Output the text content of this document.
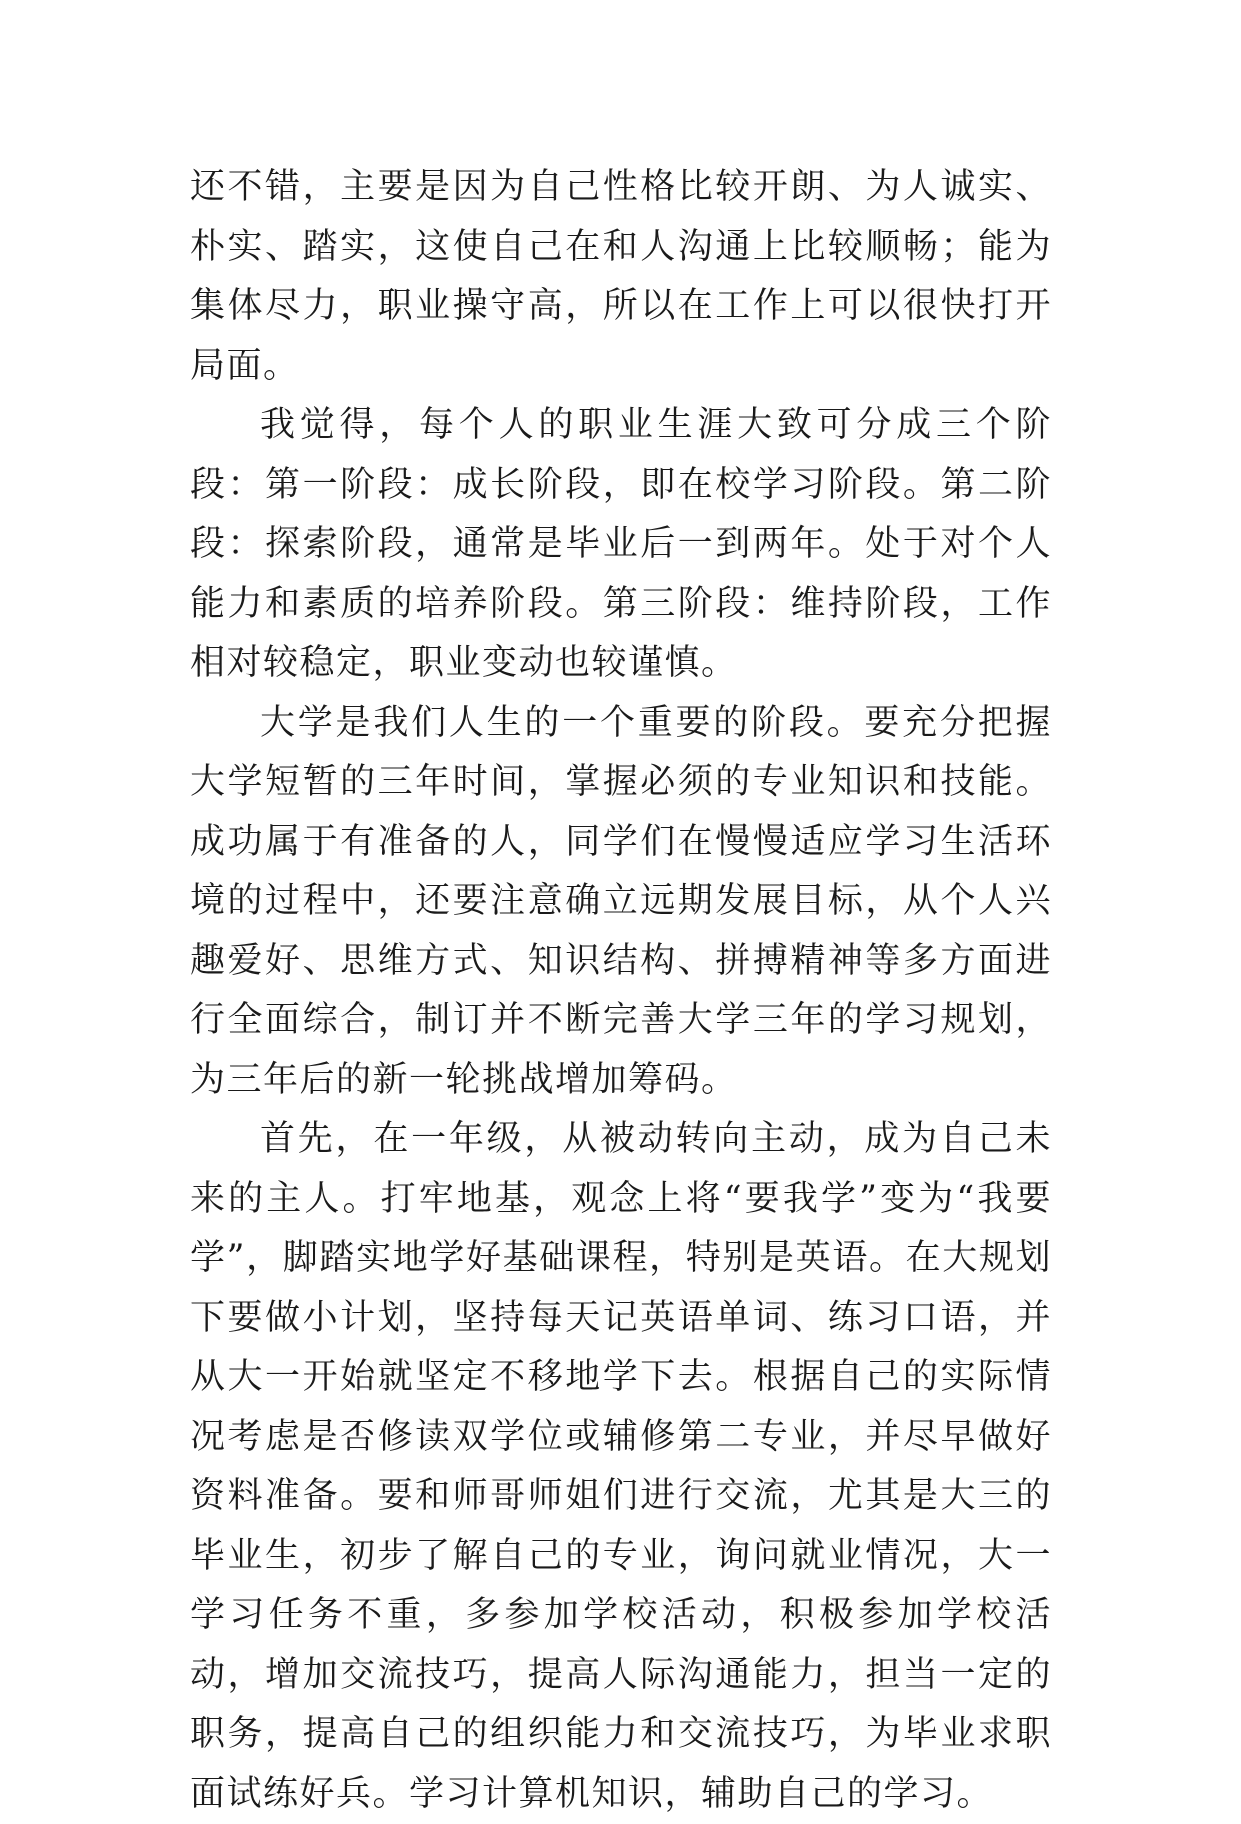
还不错，主要是因为自己性格比较开朗、为人诚实、朴实、踏实，这使自己在和人沟通上比较顺畅；能为集体尽力，职业操守高，所以在工作上可以很快打开局面。

我觉得，每个人的职业生涯大致可分成三个阶段：第一阶段：成长阶段，即在校学习阶段。第二阶段：探索阶段，通常是毕业后一到两年。处于对个人能力和素质的培养阶段。第三阶段：维持阶段，工作相对较稳定，职业变动也较谨慎。

大学是我们人生的一个重要的阶段。要充分把握大学短暂的三年时间，掌握必须的专业知识和技能。成功属于有准备的人，同学们在慢慢适应学习生活环境的过程中，还要注意确立远期发展目标，从个人兴趣爱好、思维方式、知识结构、拼搏精神等多方面进行全面综合，制订并不断完善大学三年的学习规划，为三年后的新一轮挑战增加筹码。

首先，在一年级，从被动转向主动，成为自己未来的主人。打牢地基，观念上将“要我学”变为“我要学”，脚踏实地学好基础课程，特别是英语。在大规划下要做小计划，坚持每天记英语单词、练习口语，并从大一开始就坚定不移地学下去。根据自己的实际情况考虑是否修读双学位或辅修第二专业，并尽早做好资料准备。要和师哥师姐们进行交流，尤其是大三的毕业生，初步了解自己的专业，询问就业情况，大一学习任务不重，多参加学校活动，积极参加学校活动，增加交流技巧，提高人际沟通能力，担当一定的职务，提高自己的组织能力和交流技巧，为毕业求职面试练好兵。学习计算机知识，辅助自己的学习。
